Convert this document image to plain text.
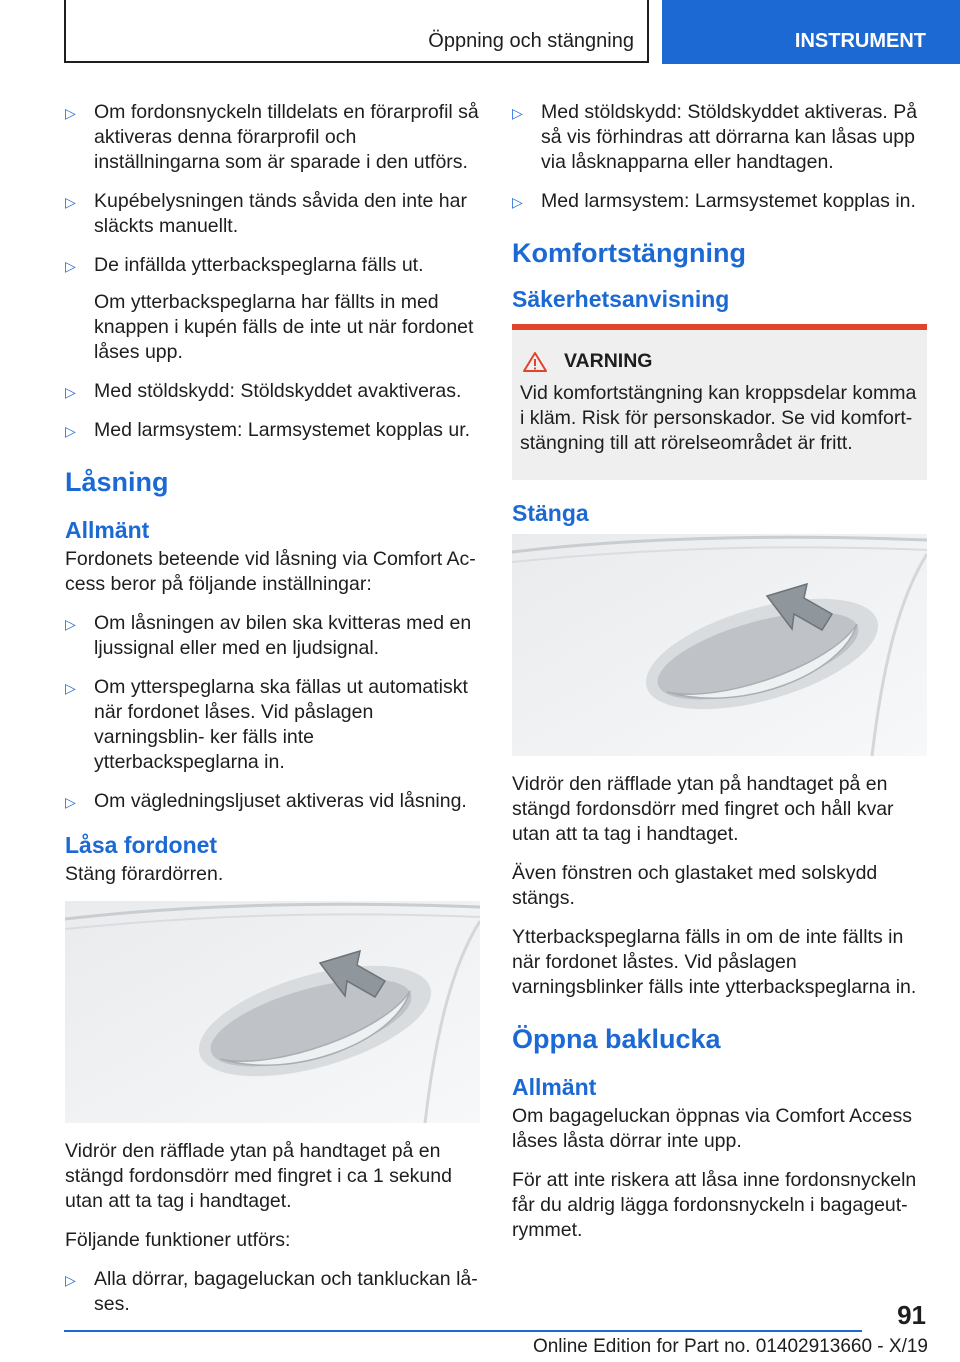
Öppning och stängning	INSTRUMENT
▷ Om fordonsnyckeln tilldelats en förarprofil så aktiveras denna förarprofil och inställningarna som är sparade i den utförs.
▷ Kupébelysningen tänds såvida den inte har släckts manuellt.
▷ De infällda ytterbackspeglarna fälls ut.

Om ytterbackspeglarna har fällts in med knappen i kupén fälls de inte ut när fordonet låses upp.

▷ Med stöldskydd: Stöldskyddet avaktiveras.
▷ Med larmsystem: Larmsystemet kopplas ur.
Låsning
Allmänt

Fordonets beteende vid låsning via Comfort Ac‐ cess beror på följande inställningar:

▷ Om låsningen av bilen ska kvitteras med en ljussignal eller med en ljudsignal.
▷ Om ytterspeglarna ska fällas ut automatiskt när fordonet låses. Vid påslagen varningsblin‐ ker fälls inte ytterbackspeglarna in.
▷ Om vägledningsljuset aktiveras vid låsning.
Låsa fordonet

Stäng förardörren.

Vidrör den räfflade ytan på handtaget på en stängd fordonsdörr med fingret i ca 1 sekund utan att ta tag i handtaget.

Följande funktioner utförs:

▷ Alla dörrar, bagageluckan och tankluckan lå‐ ses.
▷ Med stöldskydd: Stöldskyddet aktiveras. På så vis förhindras att dörrarna kan låsas upp via låsknapparna eller handtagen.
▷ Med larmsystem: Larmsystemet kopplas in.
Komfortstängning
Säkerhetsanvisning
VARNING

Vid komfortstängning kan kroppsdelar komma i kläm. Risk för personskador. Se vid komfort‐ stängning till att rörelseområdet är fritt.

Stänga

Vidrör den räfflade ytan på handtaget på en stängd fordonsdörr med fingret och håll kvar utan att ta tag i handtaget.

Även fönstren och glastaket med solskydd stängs.

Ytterbackspeglarna fälls in om de inte fällts in när fordonet låstes. Vid påslagen varningsblinker fälls inte ytterbackspeglarna in.

Öppna baklucka
Allmänt

Om bagageluckan öppnas via Comfort Access låses låsta dörrar inte upp.

För att inte riskera att låsa inne fordonsnyckeln får du aldrig lägga fordonsnyckeln i bagageut‐ rymmet.

91
Online Edition for Part no. 01402913660 - X/19
